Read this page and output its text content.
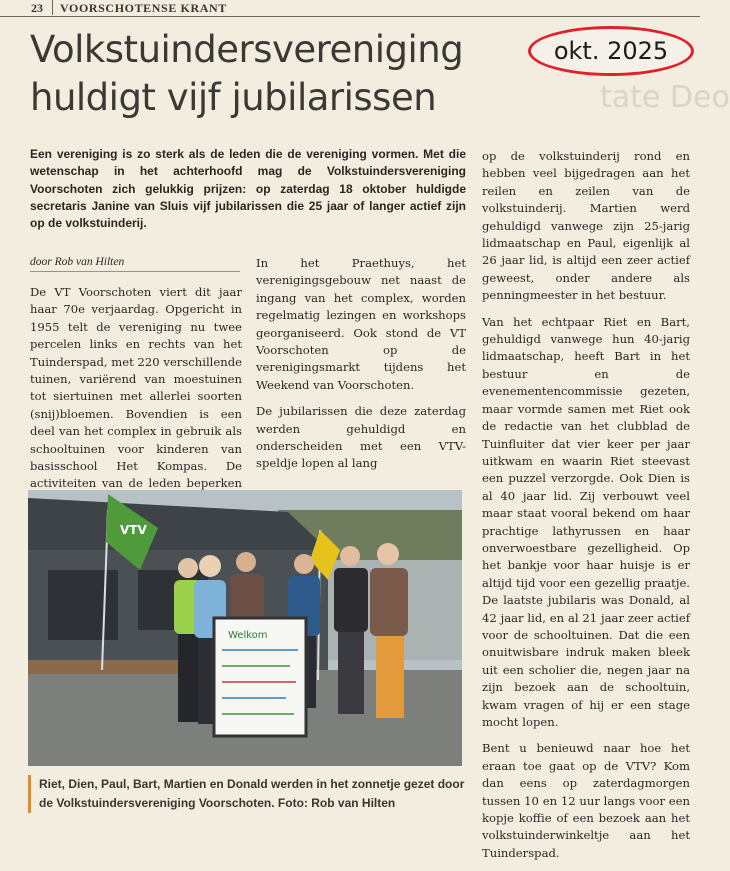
23 VOORSCHOTENSE KRANT
tate Deo
Volkstuindersvereniging huldigt vijf jubilarissen
okt. 2025
Een vereniging is zo sterk als de leden die de vereniging vormen. Met die wetenschap in het achterhoofd mag de Volkstuindersvereniging Voorschoten zich gelukkig prijzen: op zaterdag 18 oktober huldigde secretaris Janine van Sluis vijf jubilarissen die 25 jaar of langer actief zijn op de volkstuinderij.
door Rob van Hilten

De VT Voorschoten viert dit jaar haar 70e verjaardag. Opgericht in 1955 telt de vereniging nu twee percelen links en rechts van het Tuinderspad, met 220 verschillende tuinen, variërend van moestuinen tot siertuinen met allerlei soorten (snij)bloemen. Bovendien is een deel van het complex in gebruik als schooltuinen voor kinderen van basisschool Het Kompas. De activiteiten van de leden beperken

In het Praethuys, het verenigingsgebouw net naast de ingang van het complex, worden regelmatig lezingen en workshops georganiseerd. Ook stond de VT Voorschoten op de verenigingsmarkt tijdens het Weekend van Voorschoten.

De jubilarissen die deze zaterdag werden gehuldigd en onderscheiden met een VTV-speldje lopen al lang

op de volkstuinderij rond en hebben veel bijgedragen aan het reilen en zeilen van de volkstuinderij. Martien werd gehuldigd vanwege zijn 25-jarig lidmaatschap en Paul, eigenlijk al 26 jaar lid, is altijd een zeer actief geweest, onder andere als penningmeester in het bestuur.

Van het echtpaar Riet en Bart, gehuldigd vanwege hun 40-jarig lidmaatschap, heeft Bart in het bestuur en de evenementencommissie gezeten, maar vormde samen met Riet ook de redactie van het clubblad de Tuinfluiter dat vier keer per jaar uitkwam en waarin Riet steevast een puzzel verzorgde. Ook Dien is al 40 jaar lid. Zij verbouwt veel maar staat vooral bekend om haar prachtige lathyrussen en haar onverwoestbare gezelligheid. Op het bankje voor haar huisje is er altijd tijd voor een gezellig praatje. De laatste jubilaris was Donald, al 42 jaar lid, en al 21 jaar zeer actief voor de schooltuinen. Dat die een onuitwisbare indruk maken bleek uit een scholier die, negen jaar na zijn bezoek aan de schooltuin, kwam vragen of hij er een stage mocht lopen.

Bent u benieuwd naar hoe het eraan toe gaat op de VTV? Kom dan eens op zaterdagmorgen tussen 10 en 12 uur langs voor een kopje koffie of een bezoek aan het volkstuinderwinkeltje aan het Tuinderspad.

VTV
Welkom
Riet, Dien, Paul, Bart, Martien en Donald werden in het zonnetje gezet door de Volkstuindersvereniging Voorschoten. Foto: Rob van Hilten
